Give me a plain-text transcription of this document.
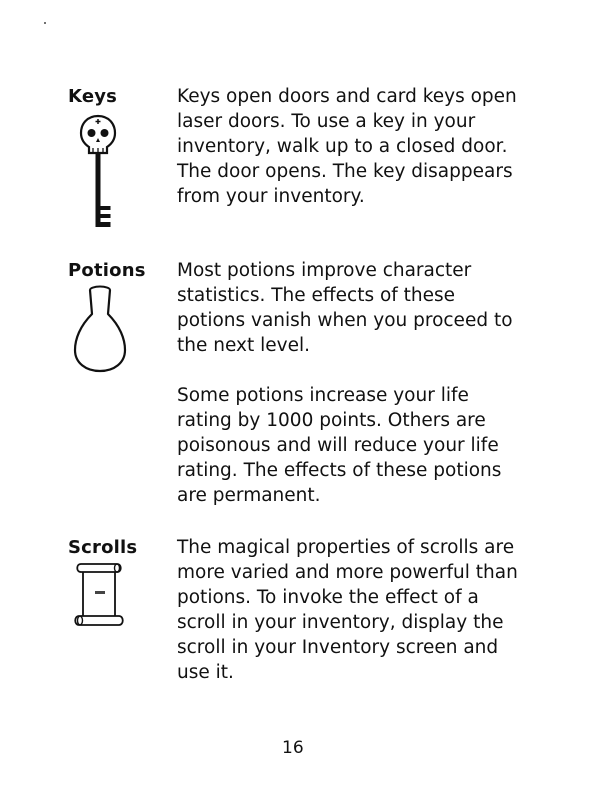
Keys	Keys open doors and card keys open laser doors. To use a key in your inventory, walk up to a closed door. The door opens. The key disappears from your inventory.

Potions Most potions improve character statistics. The effects of these potions vanish when you proceed to the next level.

Some potions increase your life rating by 1000 points. Others are poisonous and will reduce your life rating. The effects of these potions are permanent.

Scrolls The magical properties of scrolls are more varied and more powerful than potions. To invoke the effect of a scroll in your inventory, display the scroll in your Inventory screen and use it.

16
